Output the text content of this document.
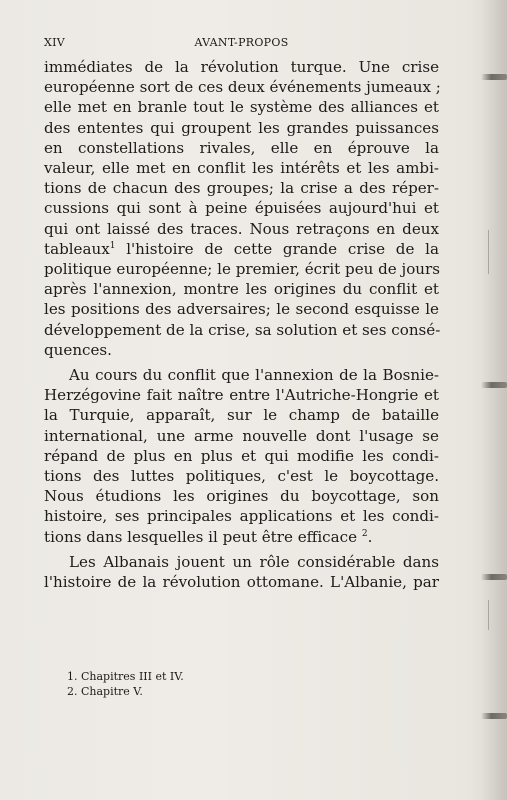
XIV	AVANT-PROPOS
immédiates de la révolution turque. Une crise
européenne sort de ces deux événements jumeaux ;
elle met en branle tout le système des alliances et
des ententes qui groupent les grandes puissances
en constellations rivales, elle en éprouve la
valeur, elle met en conflit les intérêts et les ambi-
tions de chacun des groupes; la crise a des réper-
cussions qui sont à peine épuisées aujourd'hui et
qui ont laissé des traces. Nous retraçons en deux
tableaux$^1$ l'histoire de cette grande crise de la
politique européenne; le premier, écrit peu de jours
après l'annexion, montre les origines du conflit et
les positions des adversaires; le second esquisse le
développement de la crise, sa solution et ses consé-
quences.
Au cours du conflit que l'annexion de la Bosnie-
Herzégovine fait naître entre l'Autriche-Hongrie et
la Turquie, apparaît, sur le champ de bataille
international, une arme nouvelle dont l'usage se
répand de plus en plus et qui modifie les condi-
tions des luttes politiques, c'est le boycottage.
Nous étudions les origines du boycottage, son
histoire, ses principales applications et les condi-
tions dans lesquelles il peut être efficace $^2$.
Les Albanais jouent un rôle considérable dans
l'histoire de la révolution ottomane. L'Albanie, par
1. Chapitres III et IV.
2. Chapitre V.
